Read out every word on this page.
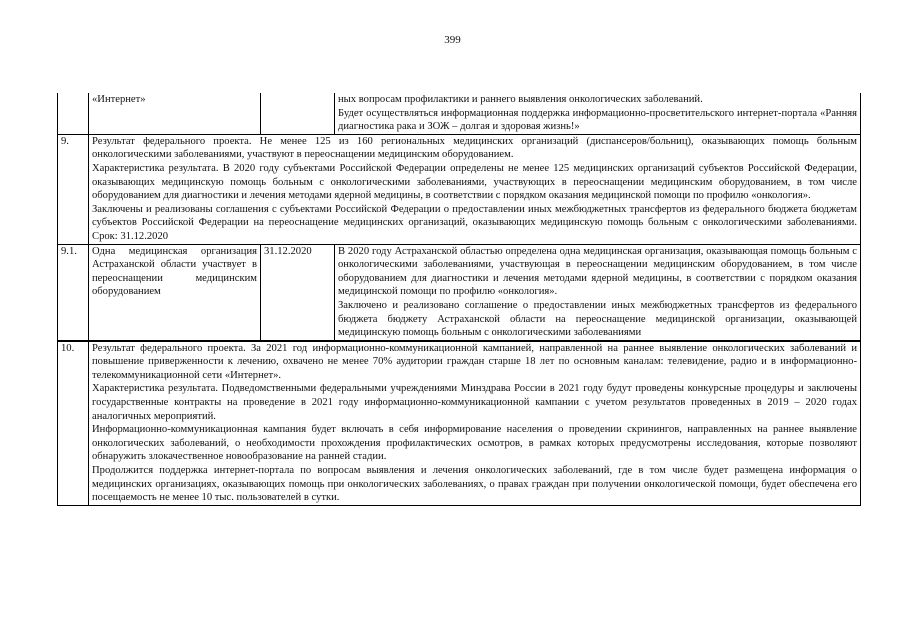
399
	«Интернет»		ных вопросам профилактики и раннего выявления онкологических заболеваний.
Будет осуществляться информационная поддержка информационно-просветительского интернет-портала «Ранняя диагностика рака и ЗОЖ – долгая и здоровая жизнь!»

9.	Результат федерального проекта. Не менее 125 из 160 региональных медицинских организаций (диспансеров/больниц), оказывающих помощь больным онкологическими заболеваниями, участвуют в переоснащении медицинским оборудованием.
Характеристика результата. В 2020 году субъектами Российской Федерации определены не менее 125 медицинских организаций субъектов Российской Федерации, оказывающих медицинскую помощь больным с онкологическими заболеваниями, участвующих в переоснащении медицинским оборудованием, в том числе оборудованием для диагностики и лечения методами ядерной медицины, в соответствии с порядком оказания медицинской помощи по профилю «онкология».
Заключены и реализованы соглашения с субъектами Российской Федерации о предоставлении иных межбюджетных трансфертов из федерального бюджета бюджетам субъектов Российской Федерации на переоснащение медицинских организаций, оказывающих медицинскую помощь больным с онкологическими заболеваниями. Срок: 31.12.2020		

9.1.	Одна медицинская организация Астраханской области участвует в переоснащении медицинским оборудованием	31.12.2020	В 2020 году Астраханской областью определена одна медицинская организация, оказывающая помощь больным с онкологическими заболеваниями, участвующая в переоснащении медицинским оборудованием, в том числе оборудованием для диагностики и лечения методами ядерной медицины, в соответствии с порядком оказания медицинской помощи по профилю «онкология».
Заключено и реализовано соглашение о предоставлении иных межбюджетных трансфертов из федерального бюджета бюджету Астраханской области на переоснащение медицинской организации, оказывающей медицинскую помощь больным с онкологическими заболеваниями

10.	Результат федерального проекта. За 2021 год информационно-коммуникационной кампанией, направленной на раннее выявление онкологических заболеваний и повышение приверженности к лечению, охвачено не менее 70% аудитории граждан старше 18 лет по основным каналам: телевидение, радио и в информационно-телекоммуникационной сети «Интернет».
Характеристика результата. Подведомственными федеральными учреждениями Минздрава России в 2021 году будут проведены конкурсные процедуры и заключены государственные контракты на проведение в 2021 году информационно-коммуникационной кампании с учетом результатов проведенных в 2019 – 2020 годах аналогичных мероприятий.
Информационно-коммуникационная кампания будет включать в себя информирование населения о проведении скринингов, направленных на раннее выявление онкологических заболеваний, о необходимости прохождения профилактических осмотров, в рамках которых предусмотрены исследования, которые позволяют обнаружить злокачественное новообразование на ранней стадии.
Продолжится поддержка интернет-портала по вопросам выявления и лечения онкологических заболеваний, где в том числе будет размещена информация о медицинских организациях, оказывающих помощь при онкологических заболеваниях, о правах граждан при получении онкологической помощи, будет обеспечена его посещаемость не менее 10 тыс. пользователей в сутки.		
